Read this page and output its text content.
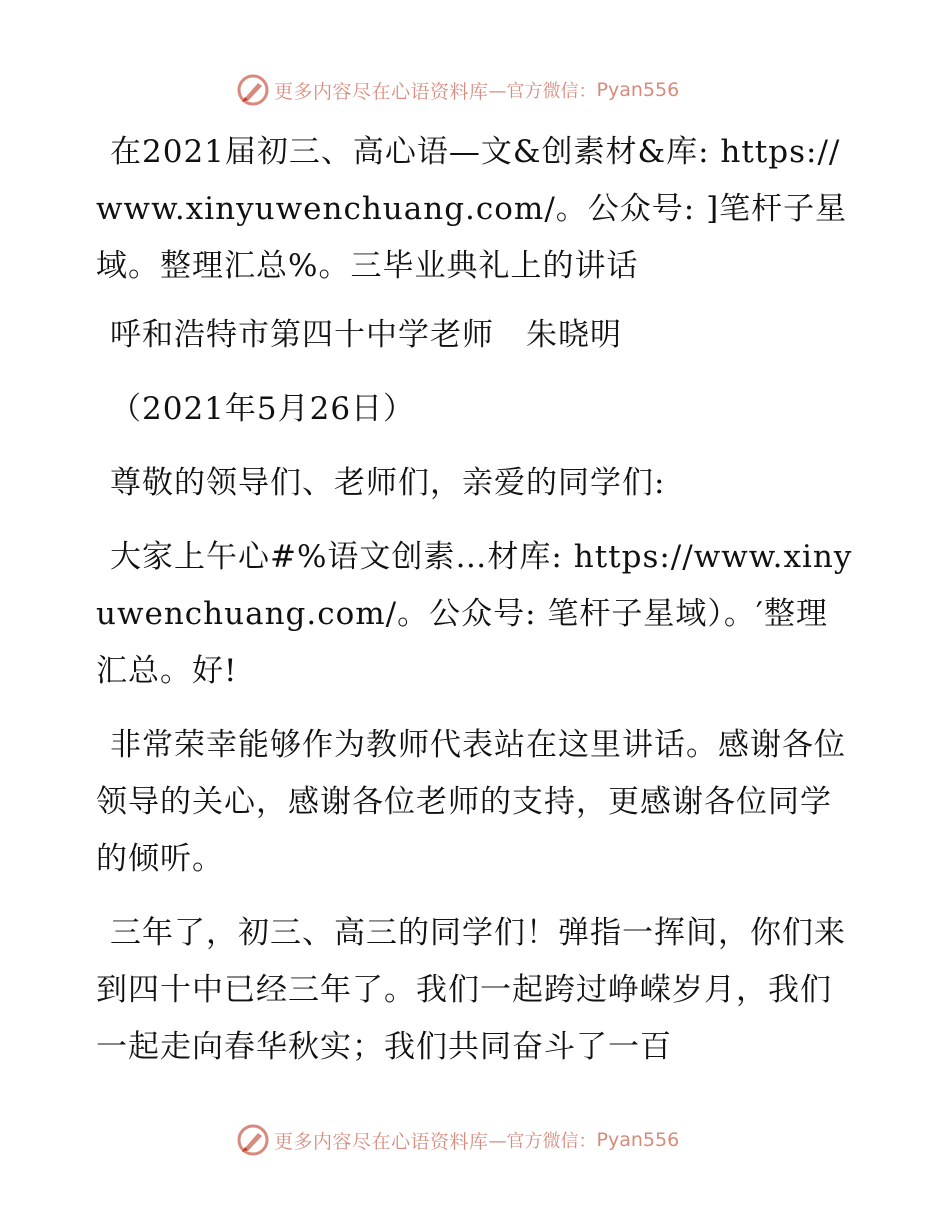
更多内容尽在心语资料库 —官方微信： Pyan556

在2021届初三、高心语—文&创素材&库: https://www.xinyuwenchuang.com/。公众号: ]笔杆子星域。整理汇总%。三毕业典礼上的讲话

呼和浩特市第四十中学老师　朱晓明

（2021年5月26日）

尊敬的领导们、老师们，亲爱的同学们:

大家上午心#%语文创素…材库: https://www.xinyuwenchuang.com/。公众号: 笔杆子星域）。′整理汇总。好!

非常荣幸能够作为教师代表站在这里讲话。感谢各位领导的关心，感谢各位老师的支持，更感谢各位同学的倾听。

三年了，初三、高三的同学们！弹指一挥间，你们来到四十中已经三年了。我们一起跨过峥嵘岁月，我们一起走向春华秋实；我们共同奋斗了一百

更多内容尽在心语资料库 —官方微信： Pyan556
